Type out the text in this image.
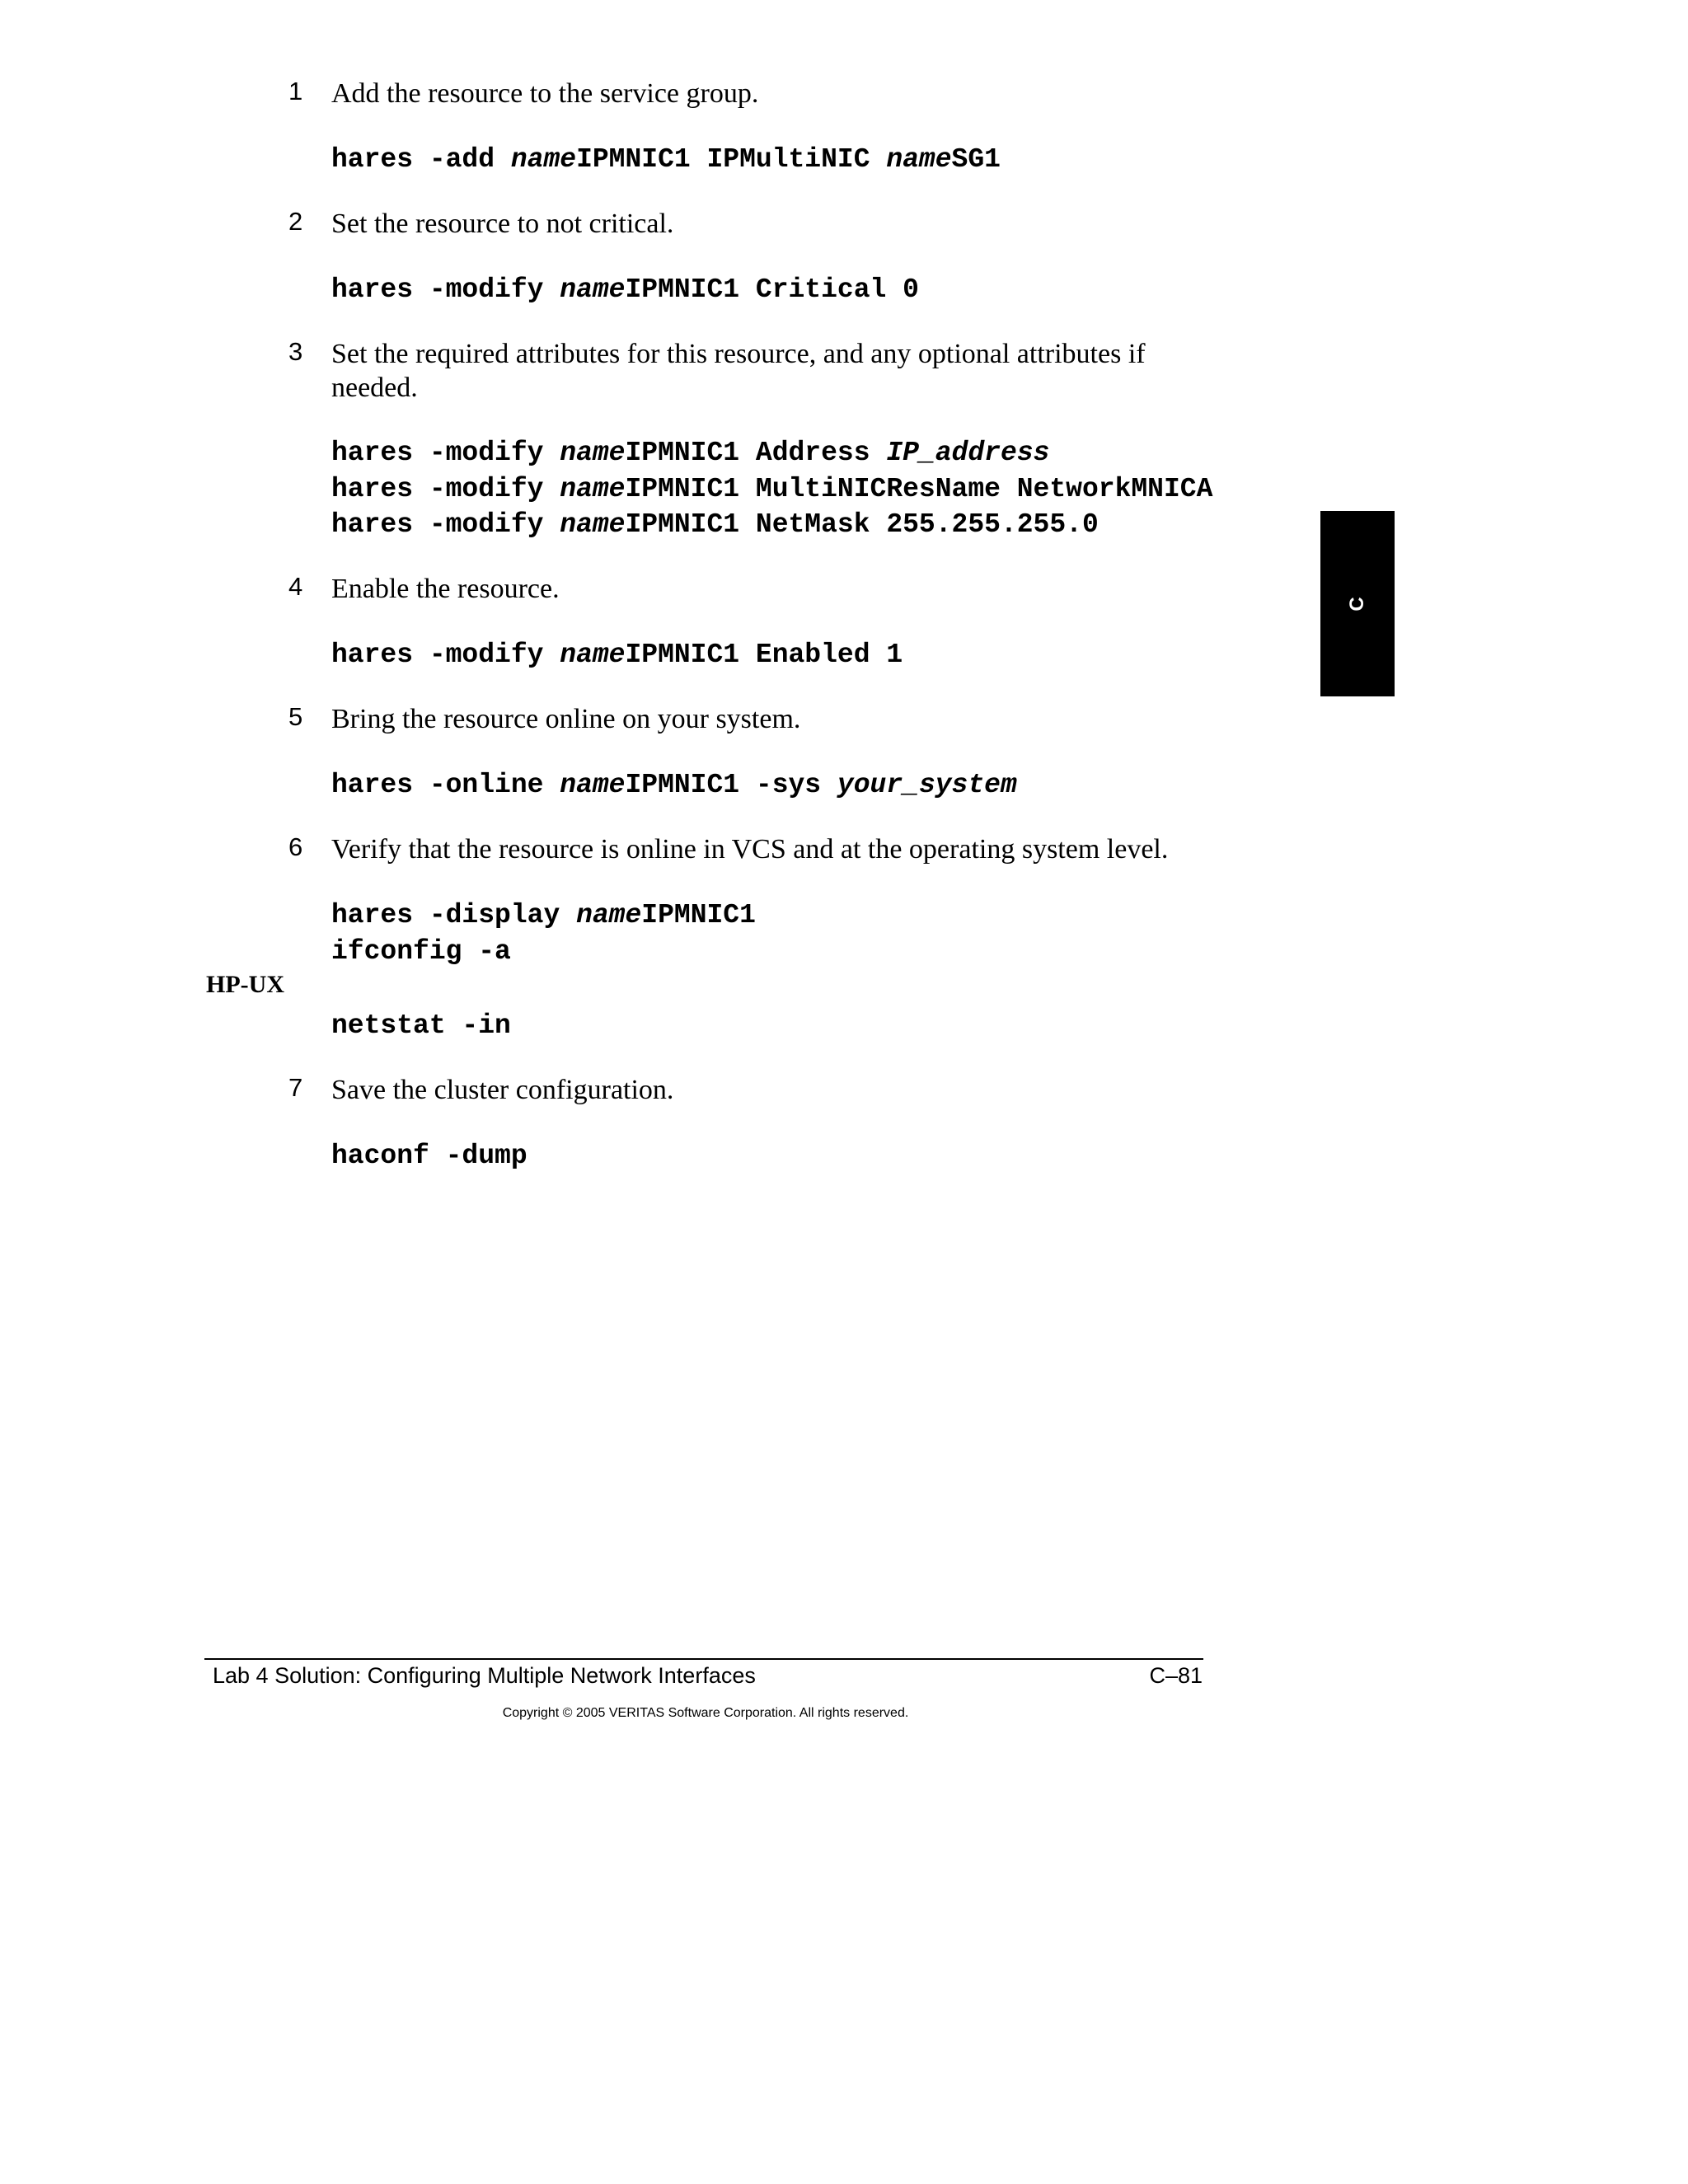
1 Add the resource to the service group.
hares -add nameIPMNIC1 IPMultiNIC nameSG1
2 Set the resource to not critical.
hares -modify nameIPMNIC1 Critical 0
3 Set the required attributes for this resource, and any optional attributes if needed.
hares -modify nameIPMNIC1 Address IP_address
hares -modify nameIPMNIC1 MultiNICResName NetworkMNICA
hares -modify nameIPMNIC1 NetMask 255.255.255.0
4 Enable the resource.
hares -modify nameIPMNIC1 Enabled 1
5 Bring the resource online on your system.
hares -online nameIPMNIC1 -sys your_system
6 Verify that the resource is online in VCS and at the operating system level.
hares -display nameIPMNIC1
ifconfig -a
HP-UX
netstat -in
7 Save the cluster configuration.
haconf -dump
C
Lab 4 Solution: Configuring Multiple Network Interfaces	C–81
Copyright © 2005 VERITAS Software Corporation. All rights reserved.
